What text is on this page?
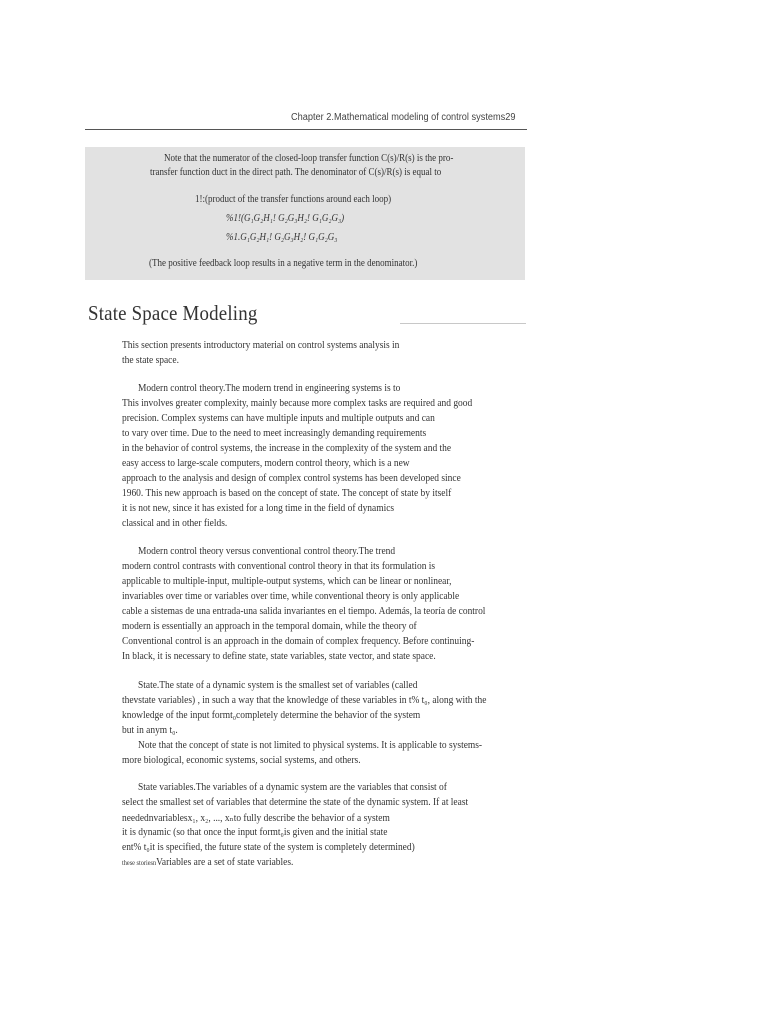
Chapter 2.Mathematical modeling of control systems29
Note that the numerator of the closed-loop transfer function C(s)/R(s) is the pro-
transfer function duct in the direct path. The denominator of C(s)/R(s) is equal to
1!:(product of the transfer functions around each loop)
%1!(G₁G₂H₁! G₂G₃H₂! G₁G₂G₃)
%1.G₁G₂H₁! G₂G₃H₂! G₁G₂G₃
(The positive feedback loop results in a negative term in the denominator.)
State Space Modeling
This section presents introductory material on control systems analysis in
the state space.
Modern control theory.The modern trend in engineering systems is to
This involves greater complexity, mainly because more complex tasks are required and good
precision. Complex systems can have multiple inputs and multiple outputs and can
to vary over time. Due to the need to meet increasingly demanding requirements
in the behavior of control systems, the increase in the complexity of the system and the
easy access to large-scale computers, modern control theory, which is a new
approach to the analysis and design of complex control systems has been developed since
1960. This new approach is based on the concept of state. The concept of state by itself
it is not new, since it has existed for a long time in the field of dynamics
classical and in other fields.
Modern control theory versus conventional control theory.The trend
modern control contrasts with conventional control theory in that its formulation is
applicable to multiple-input, multiple-output systems, which can be linear or nonlinear,
invariables over time or variables over time, while conventional theory is only applicable
cable a sistemas de una entrada-una salida invariantes en el tiempo. Además, la teoría de control
modern is essentially an approach in the temporal domain, while the theory of
Conventional control is an approach in the domain of complex frequency. Before continuing-
In black, it is necessary to define state, state variables, state vector, and state space.
State.The state of a dynamic system is the smallest set of variables (called
thevstate variables) , in such a way that the knowledge of these variables in t% t₀, along with the
knowledge of the input formt₀completely determine the behavior of the system
but in anym t₀.
Note that the concept of state is not limited to physical systems. It is applicable to systems-
more biological, economic systems, social systems, and others.
State variables.The variables of a dynamic system are the variables that consist of
select the smallest set of variables that determine the state of the dynamic system. If at least
needednvariablesx₁, x₂, ..., xₙto fully describe the behavior of a system
it is dynamic (so that once the input formt₀is given and the initial state
ent% t₀it is specified, the future state of the system is completely determined)
these storiesnVariables are a set of state variables.
